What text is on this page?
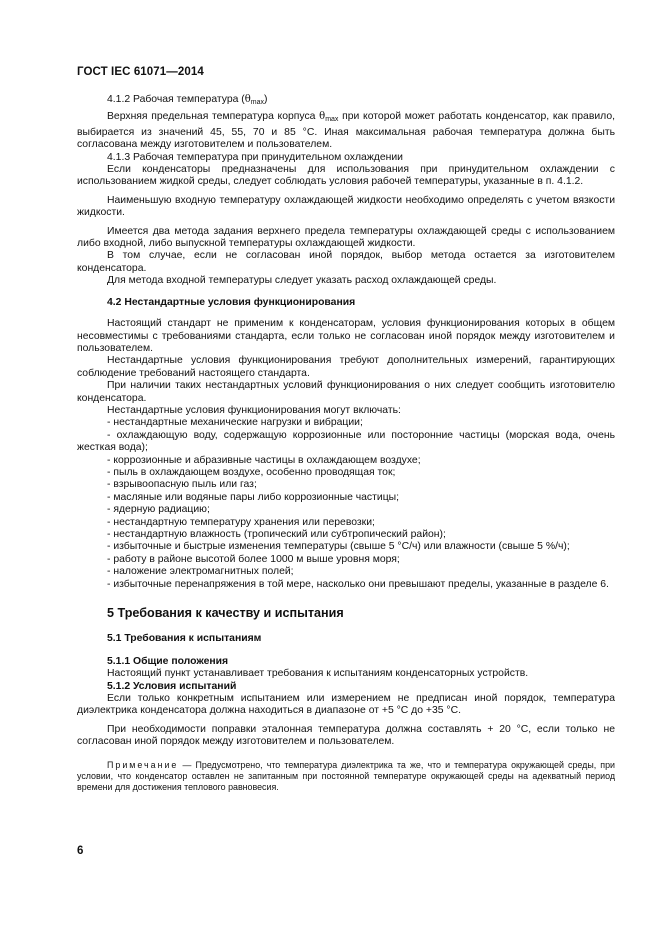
ГОСТ IEC 61071—2014
4.1.2 Рабочая температура $(\theta_{max})$
Верхняя предельная температура корпуса $\theta_{max}$ при которой может работать конденсатор, как правило, выбирается из значений 45, 55, 70 и 85 °С. Иная максимальная рабочая температура должна быть согласована между изготовителем и пользователем.
4.1.3 Рабочая температура при принудительном охлаждении
Если конденсаторы предназначены для использования при принудительном охлаждении с использованием жидкой среды, следует соблюдать условия рабочей температуры, указанные в п. 4.1.2.
Наименьшую входную температуру охлаждающей жидкости необходимо определять с учетом вязкости жидкости.
Имеется два метода задания верхнего предела температуры охлаждающей среды с использованием либо входной, либо выпускной температуры охлаждающей жидкости.
В том случае, если не согласован иной порядок, выбор метода остается за изготовителем конденсатора.
Для метода входной температуры следует указать расход охлаждающей среды.
4.2 Нестандартные условия функционирования
Настоящий стандарт не применим к конденсаторам, условия функционирования которых в общем несовместимы с требованиями стандарта, если только не согласован иной порядок между изготовителем и пользователем.
Нестандартные условия функционирования требуют дополнительных измерений, гарантирующих соблюдение требований настоящего стандарта.
При наличии таких нестандартных условий функционирования о них следует сообщить изготовителю конденсатора.
Нестандартные условия функционирования могут включать:
- нестандартные механические нагрузки и вибрации;
- охлаждающую воду, содержащую коррозионные или посторонние частицы (морская вода, очень жесткая вода);
- коррозионные и абразивные частицы в охлаждающем воздухе;
- пыль в охлаждающем воздухе, особенно проводящая ток;
- взрывоопасную пыль или газ;
- масляные или водяные пары либо коррозионные частицы;
- ядерную радиацию;
- нестандартную температуру хранения или перевозки;
- нестандартную влажность (тропический или субтропический район);
- избыточные и быстрые изменения температуры (свыше 5 °С/ч) или влажности (свыше 5 %/ч);
- работу в районе высотой более 1000 м выше уровня моря;
- наложение электромагнитных полей;
- избыточные перенапряжения в той мере, насколько они превышают пределы, указанные в разделе 6.
5 Требования к качеству и испытания
5.1 Требования к испытаниям
5.1.1 Общие положения
Настоящий пункт устанавливает требования к испытаниям конденсаторных устройств.
5.1.2 Условия испытаний
Если только конкретным испытанием или измерением не предписан иной порядок, температура диэлектрика конденсатора должна находиться в диапазоне от +5 °С до +35 °С.
При необходимости поправки эталонная температура должна составлять + 20 °С, если только не согласован иной порядок между изготовителем и пользователем.
Примечание — Предусмотрено, что температура диэлектрика та же, что и температура окружающей среды, при условии, что конденсатор оставлен не запитанным при постоянной температуре окружающей среды на адекватный период времени для достижения теплового равновесия.
6
